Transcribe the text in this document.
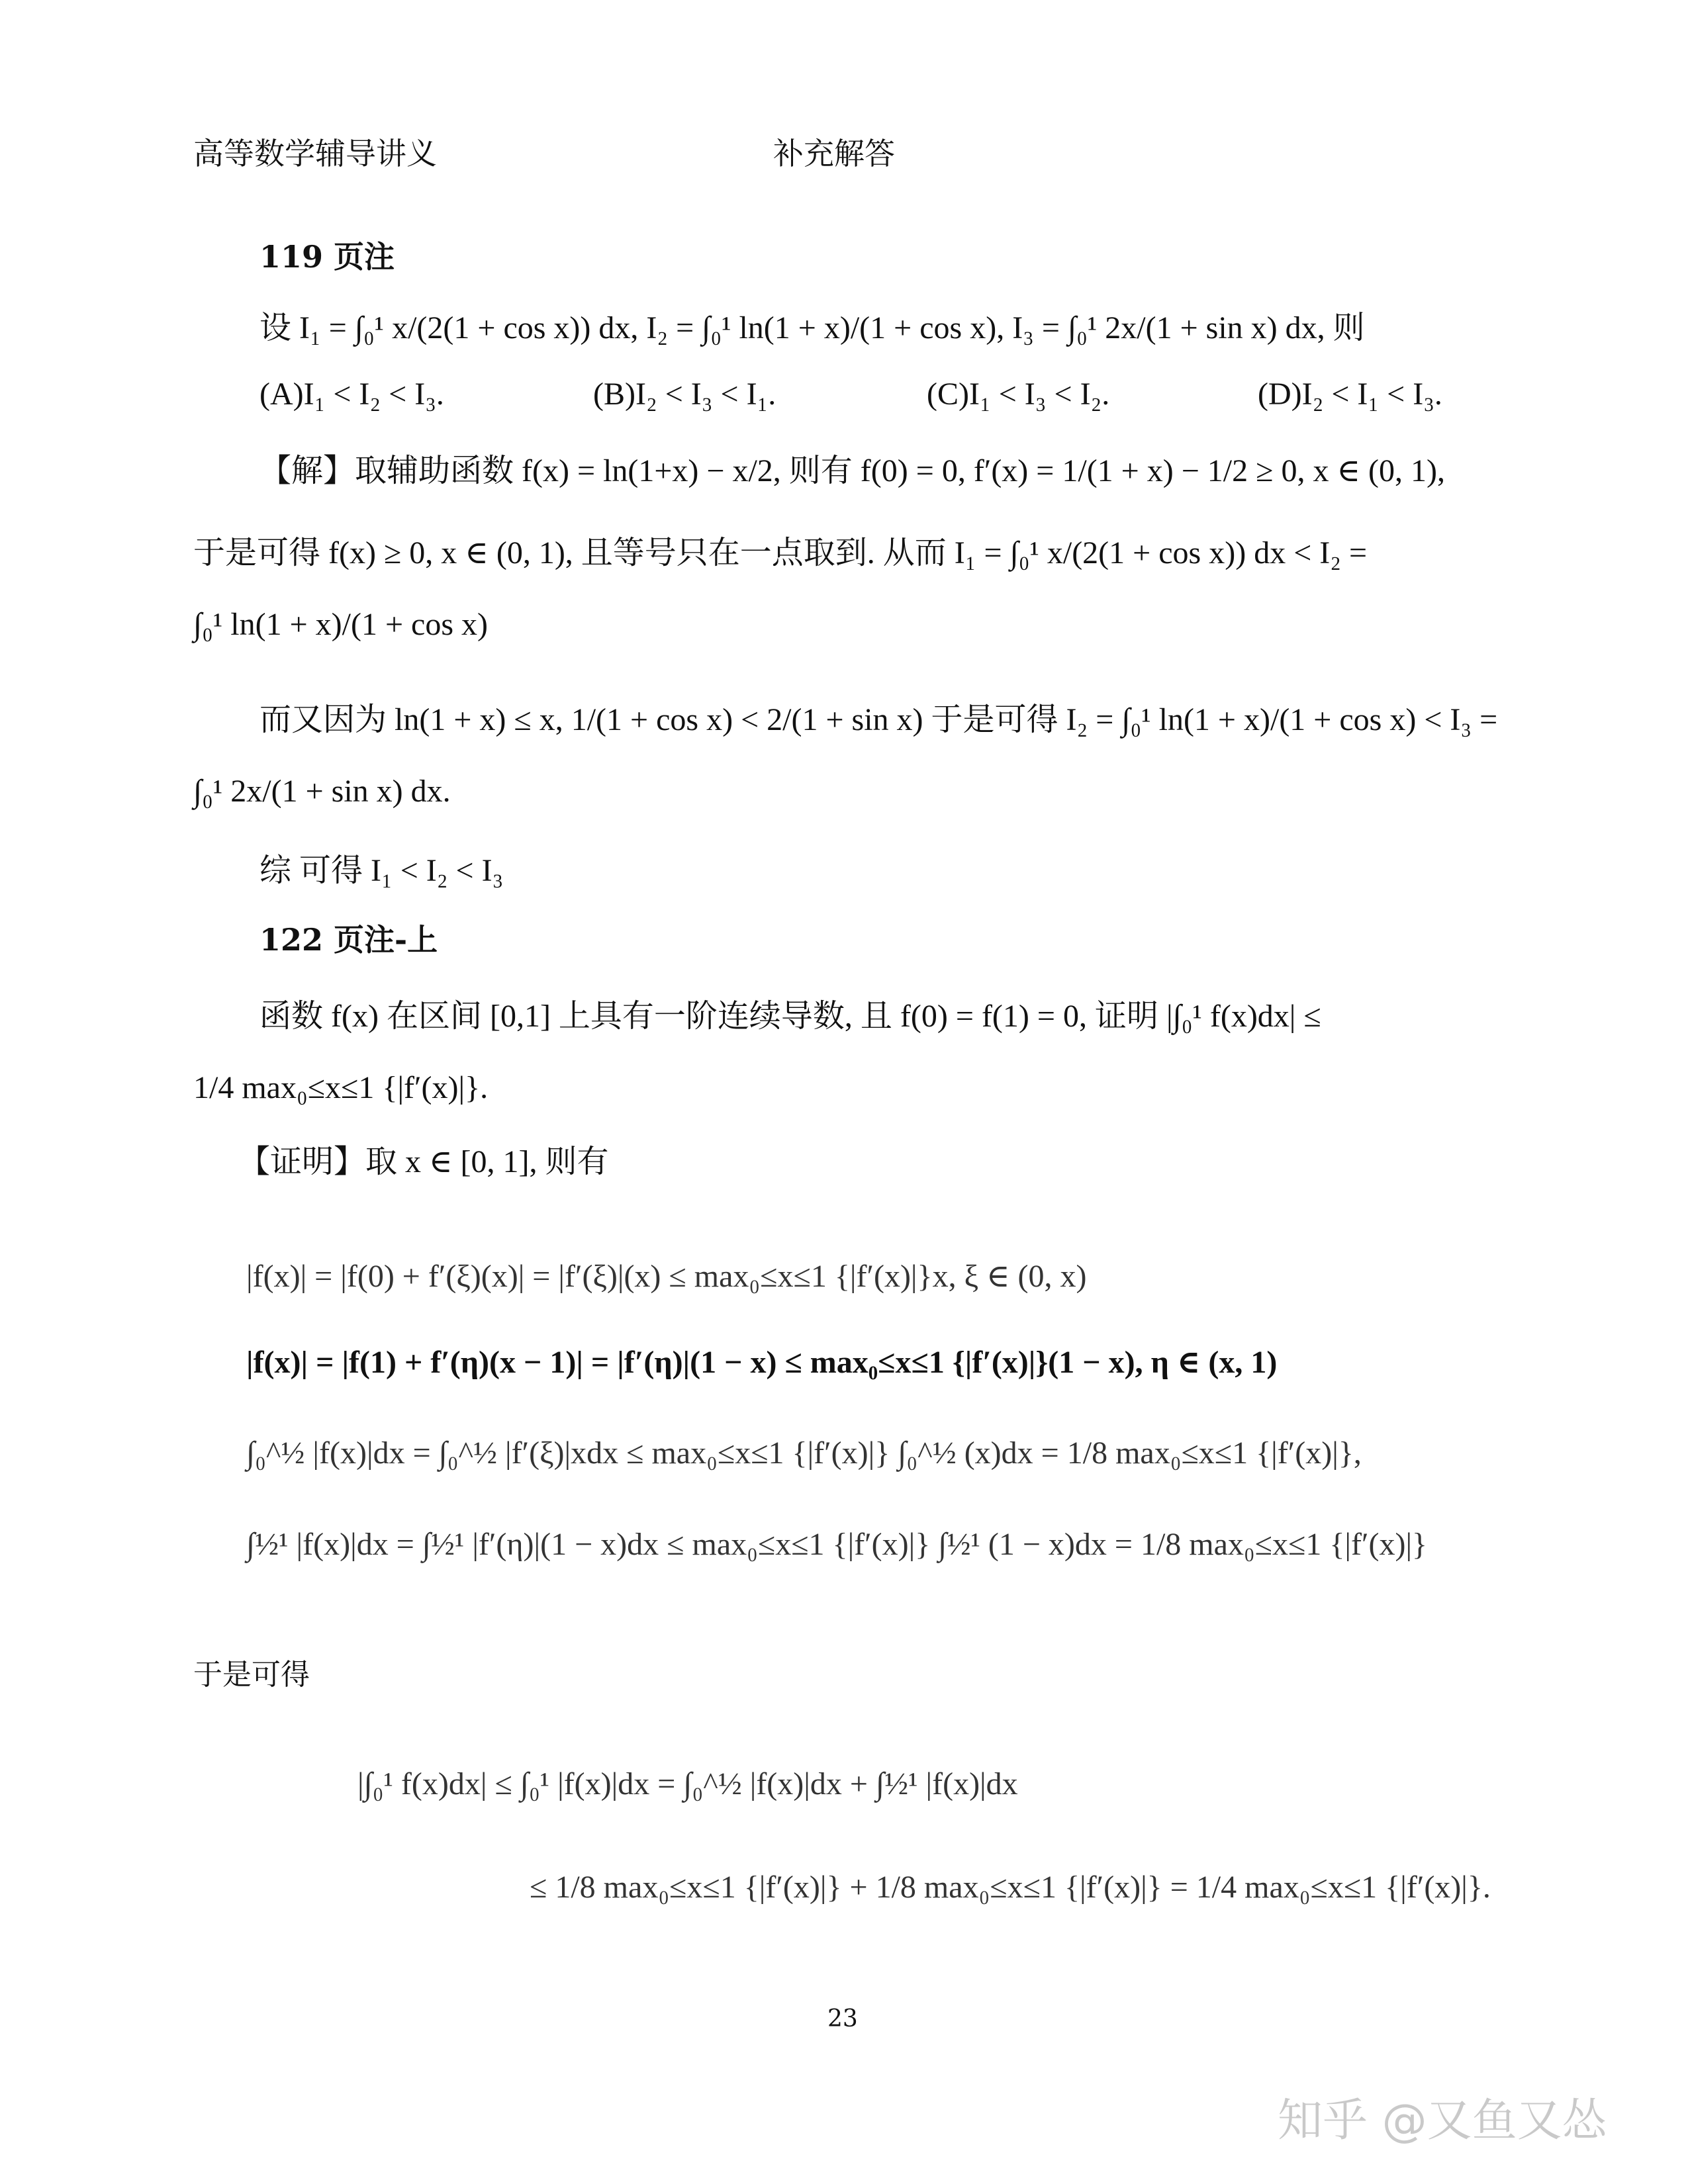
高等数学辅导讲义	补充解答
119 页注
设 I₁ = ∫₀¹ x/(2(1 + cos x)) dx, I₂ = ∫₀¹ ln(1 + x)/(1 + cos x), I₃ = ∫₀¹ 2x/(1 + sin x) dx, 则
(A)I₁ < I₂ < I₃.	(B)I₂ < I₃ < I₁.	(C)I₁ < I₃ < I₂.	(D)I₂ < I₁ < I₃.
【解】取辅助函数 f(x) = ln(1+x) − x/2, 则有 f(0) = 0, f′(x) = 1/(1 + x) − 1/2 ≥ 0, x ∈ (0, 1),
于是可得 f(x) ≥ 0, x ∈ (0, 1), 且等号只在一点取到. 从而 I₁ = ∫₀¹ x/(2(1 + cos x)) dx < I₂ =
∫₀¹ ln(1 + x)/(1 + cos x)
而又因为 ln(1 + x) ≤ x, 1/(1 + cos x) < 2/(1 + sin x) 于是可得 I₂ = ∫₀¹ ln(1 + x)/(1 + cos x) < I₃ =
∫₀¹ 2x/(1 + sin x) dx.
综 可得 I₁ < I₂ < I₃
122 页注-上
函数 f(x) 在区间 [0,1] 上具有一阶连续导数, 且 f(0) = f(1) = 0, 证明 |∫₀¹ f(x)dx| ≤
1/4 max₀≤x≤1 {|f′(x)|}.
【证明】取 x ∈ [0, 1], 则有
|f(x)| = |f(0) + f′(ξ)(x)| = |f′(ξ)|(x) ≤ max₀≤x≤1 {|f′(x)|}x, ξ ∈ (0, x)
|f(x)| = |f(1) + f′(η)(x − 1)| = |f′(η)|(1 − x) ≤ max₀≤x≤1 {|f′(x)|}(1 − x), η ∈ (x, 1)
∫₀^½ |f(x)|dx = ∫₀^½ |f′(ξ)|xdx ≤ max₀≤x≤1 {|f′(x)|} ∫₀^½ (x)dx = 1/8 max₀≤x≤1 {|f′(x)|},
∫½¹ |f(x)|dx = ∫½¹ |f′(η)|(1 − x)dx ≤ max₀≤x≤1 {|f′(x)|} ∫½¹ (1 − x)dx = 1/8 max₀≤x≤1 {|f′(x)|}
于是可得
|∫₀¹ f(x)dx| ≤ ∫₀¹ |f(x)|dx = ∫₀^½ |f(x)|dx + ∫½¹ |f(x)|dx
≤ 1/8 max₀≤x≤1 {|f′(x)|} + 1/8 max₀≤x≤1 {|f′(x)|} = 1/4 max₀≤x≤1 {|f′(x)|}.
23
知乎 @又鱼又怂
